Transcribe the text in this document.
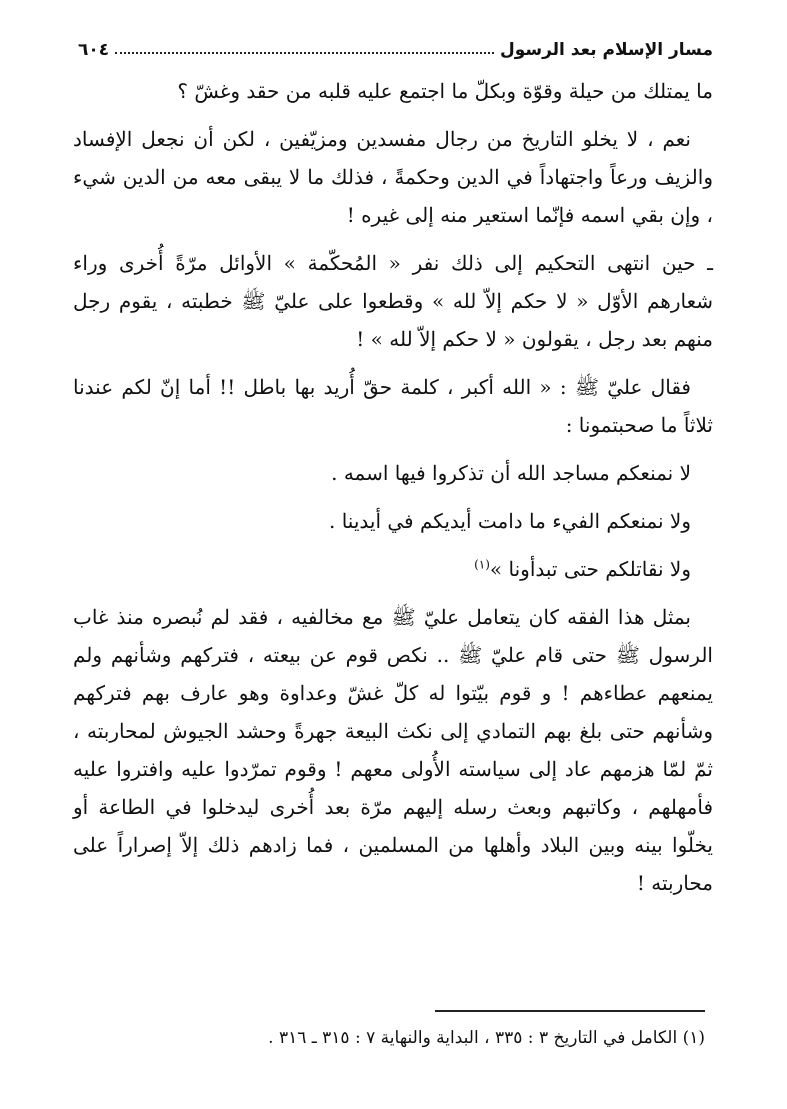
مسار الإسلام بعد الرسول
٦٠٤

ما يمتلك من حيلة وقوّة وبكلّ ما اجتمع عليه قلبه من حقد وغشّ ؟

نعم ، لا يخلو التاريخ من رجال مفسدين ومزيّفين ، لكن أن نجعل الإفساد والزيف ورعاً واجتهاداً في الدين وحكمةً ، فذلك ما لا يبقى معه من الدين شيء ، وإن بقي اسمه فإنّما استعير منه إلى غيره !

ـ حين انتهى التحكيم إلى ذلك نفر « المُحكّمة » الأوائل مرّةً أُخرى وراء شعارهم الأوّل « لا حكم إلاّ لله » وقطعوا على عليّ ﷺ خطبته ، يقوم رجل منهم بعد رجل ، يقولون « لا حكم إلاّ لله » !

فقال عليّ ﷺ : « الله أكبر ، كلمة حقّ أُريد بها باطل !! أما إنّ لكم عندنا ثلاثاً ما صحبتمونا :

لا نمنعكم مساجد الله أن تذكروا فيها اسمه .

ولا نمنعكم الفيء ما دامت أيديكم في أيدينا .

ولا نقاتلكم حتى تبدأونا »$^{(١)}$

بمثل هذا الفقه كان يتعامل عليّ ﷺ مع مخالفيه ، فقد لم نُبصره منذ غاب الرسول ﷺ حتى قام عليّ ﷺ .. نكص قوم عن بيعته ، فتركهم وشأنهم ولم يمنعهم عطاءهم ! و قوم بيّتوا له كلّ غشّ وعداوة وهو عارف بهم فتركهم وشأنهم حتى بلغ بهم التمادي إلى نكث البيعة جهرةً وحشد الجيوش لمحاربته ، ثمّ لمّا هزمهم عاد إلى سياسته الأُولى معهم ! وقوم تمرّدوا عليه وافتروا عليه فأمهلهم ، وكاتبهم وبعث رسله إليهم مرّة بعد أُخرى ليدخلوا في الطاعة أو يخلّوا بينه وبين البلاد وأهلها من المسلمين ، فما زادهم ذلك إلاّ إصراراً على محاربته !

(١) الكامل في التاريخ ٣ : ٣٣٥ ، البداية والنهاية ٧ : ٣١٥ ـ ٣١٦ .
